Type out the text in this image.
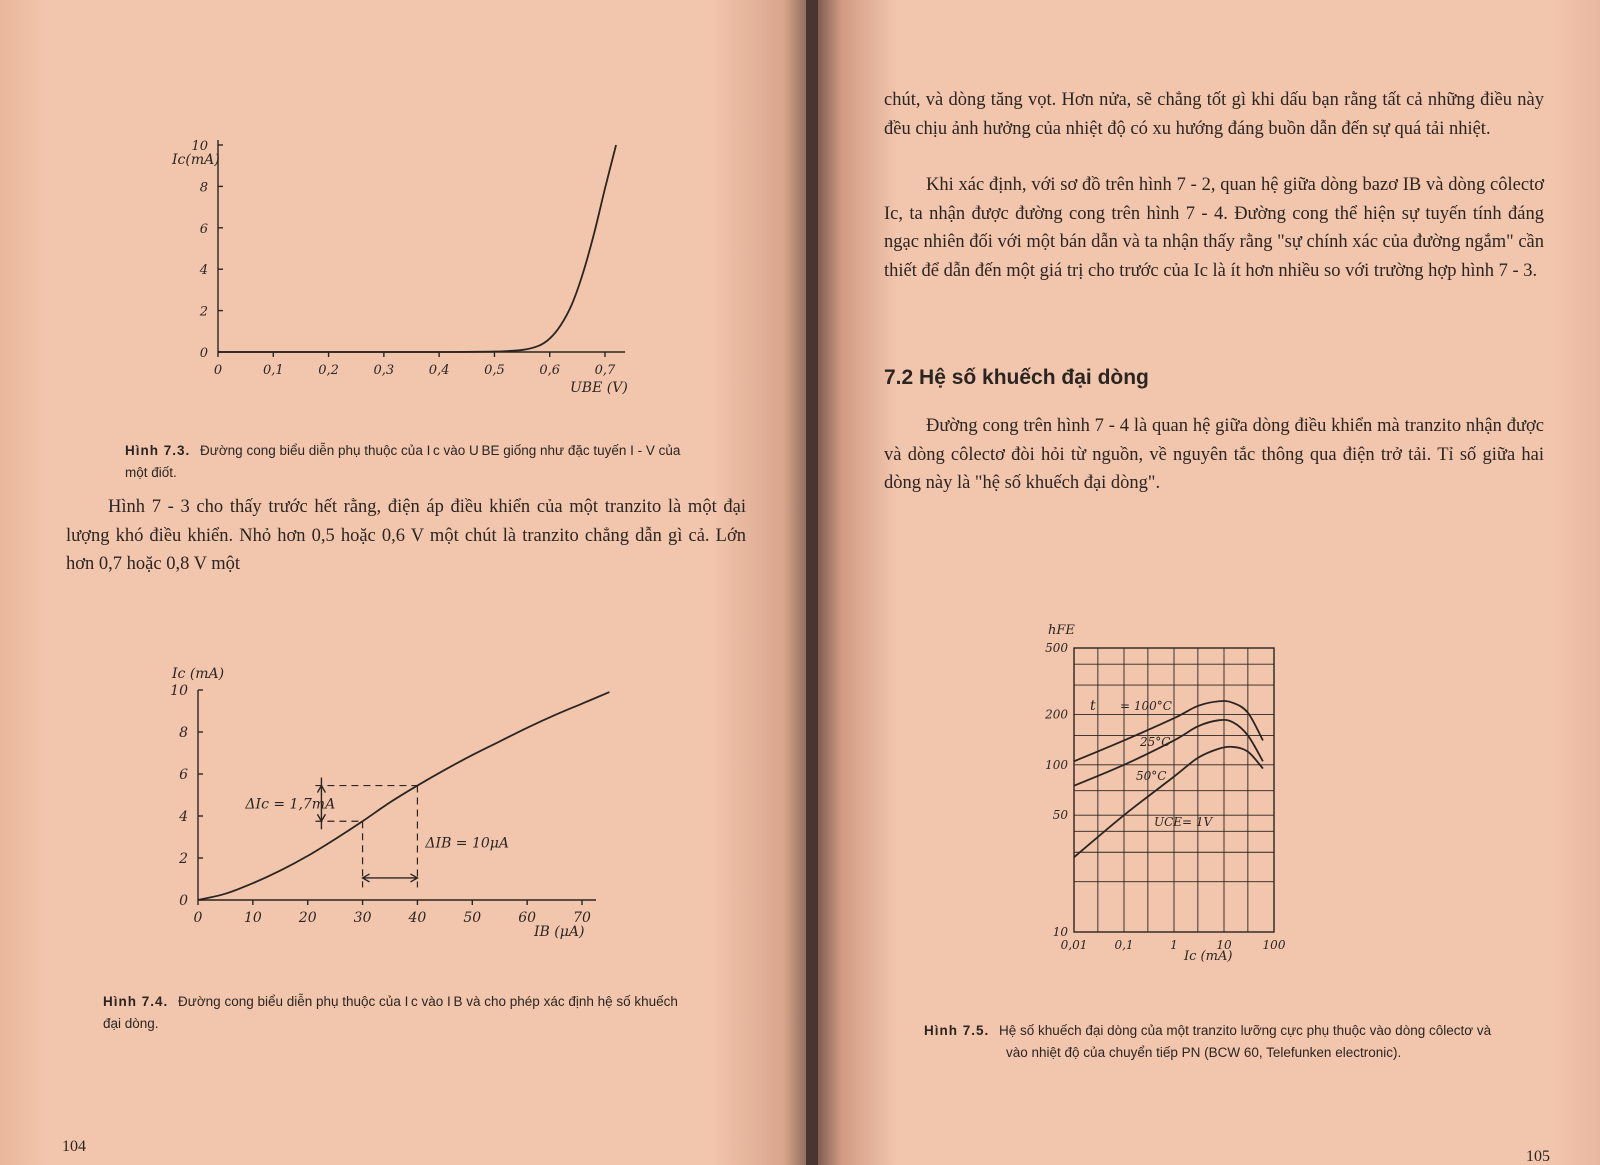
0	0,1	0,2	0,3	0,4	0,5	0,6	0,7
0
2
4
6
8
10
Ic(mA)
UBE (V)

Hình 7.3. Đường cong biểu diễn phụ thuộc của I c vào U BE giống như đặc tuyến I - V của một điốt.

Hình 7 - 3 cho thấy trước hết rằng, điện áp điều khiển của một tranzito là một đại lượng khó điều khiển. Nhỏ hơn 0,5 hoặc 0,6 V một chút là tranzito chẳng dẫn gì cả. Lớn hơn 0,7 hoặc 0,8 V một

0	10	20	30	40	50	60	70
0
2
4
6
8
10
Ic (mA)
IB (μA)
ΔIc = 1,7mA
ΔIB = 10μA

Hình 7.4. Đường cong biểu diễn phụ thuộc của I c vào I B và cho phép xác định hệ số khuếch đại dòng.

104

chút, và dòng tăng vọt. Hơn nửa, sẽ chẳng tốt gì khi dấu bạn rằng tất cả những điều này đều chịu ảnh hưởng của nhiệt độ có xu hướng đáng buồn dẫn đến sự quá tải nhiệt.

Khi xác định, với sơ đồ trên hình 7 - 2, quan hệ giữa dòng bazơ IB và dòng côlectơ Ic, ta nhận được đường cong trên hình 7 - 4. Đường cong thể hiện sự tuyến tính đáng ngạc nhiên đối với một bán dẫn và ta nhận thấy rằng "sự chính xác của đường ngắm" cần thiết để dẫn đến một giá trị cho trước của Ic là ít hơn nhiều so với trường hợp hình 7 - 3.

7.2 Hệ số khuếch đại dòng

Đường cong trên hình 7 - 4 là quan hệ giữa dòng điều khiển mà tranzito nhận được và dòng côlectơ đòi hỏi từ nguồn, về nguyên tắc thông qua điện trở tải. Tỉ số giữa hai dòng này là "hệ số khuếch đại dòng".

0,01 0,1	1	10	100
10
50
100
200
500
hFE
Ic (mA)
t = 100°C
25°C
50°C
UCE= 1V

Hình 7.5. Hệ số khuếch đại dòng của một tranzito lưỡng cực phụ thuộc vào dòng côlectơ và vào nhiệt độ của chuyển tiếp PN (BCW 60, Telefunken electronic).

105
